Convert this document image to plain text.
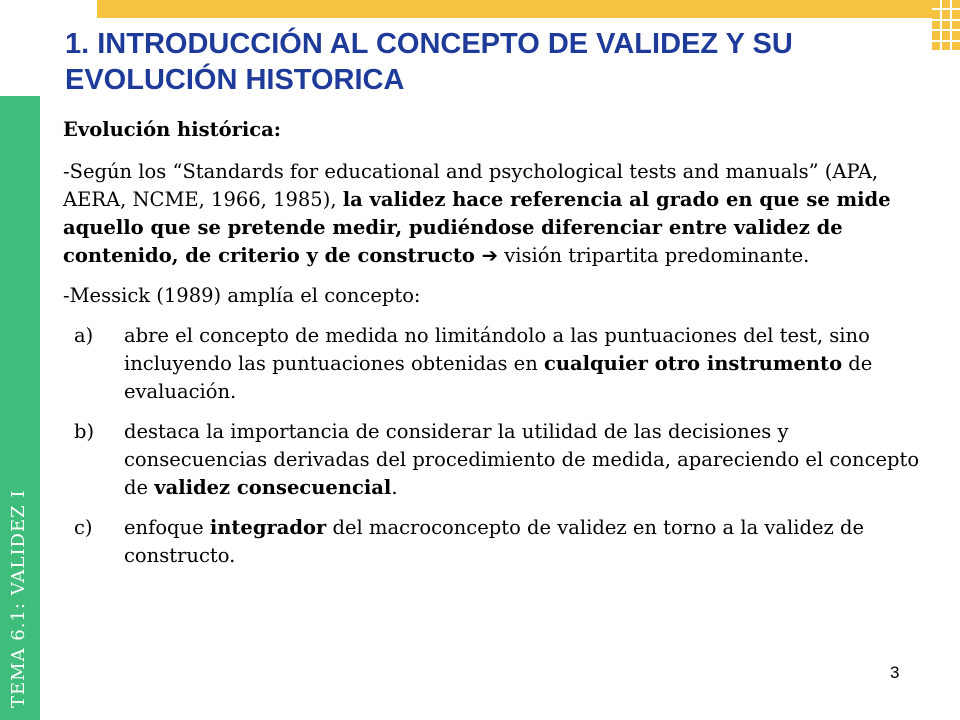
TEMA 6.1: VALIDEZ I
1. INTRODUCCIÓN AL CONCEPTO DE VALIDEZ Y SU EVOLUCIÓN HISTORICA
Evolución histórica:

-Según los “Standards for educational and psychological tests and manuals” (APA, AERA, NCME, 1966, 1985), la validez hace referencia al grado en que se mide aquello que se pretende medir, pudiéndose diferenciar entre validez de contenido, de criterio y de constructo ➔ visión tripartita predominante.

-Messick (1989) amplía el concepto:

a)	abre el concepto de medida no limitándolo a las puntuaciones del test, sino incluyendo las puntuaciones obtenidas en cualquier otro instrumento de evaluación.
b)	destaca la importancia de considerar la utilidad de las decisiones y consecuencias derivadas del procedimiento de medida, apareciendo el concepto de validez consecuencial.
c)	enfoque integrador del macroconcepto de validez en torno a la validez de constructo.
3
